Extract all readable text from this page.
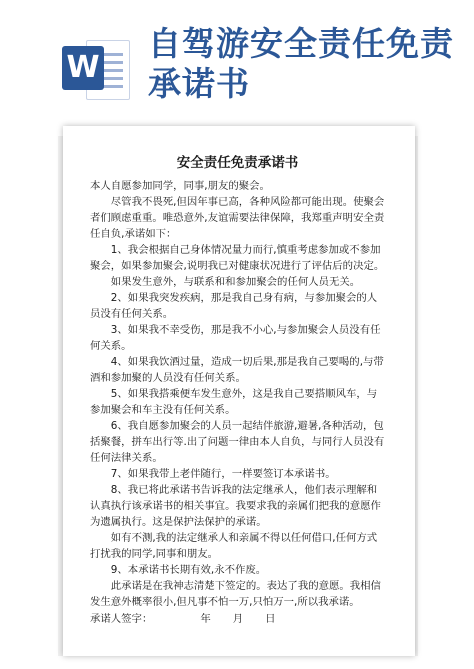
W
自驾游安全责任免责承诺书
安全责任免责承诺书

本人自愿参加同学，同事,朋友的聚会。

尽管我不畏死,但因年事已高，各种风险都可能出现。使聚会者们顾虑重重。唯恐意外,友谊需要法律保障，我郑重声明安全责任自负,承诺如下：

1、我会根据自己身体情况量力而行,慎重考虑参加或不参加聚会，如果参加聚会,说明我已对健康状况进行了评估后的决定。

如果发生意外，与联系和和参加聚会的任何人员无关。

2、如果我突发疾病，那是我自己身有病，与参加聚会的人员没有任何关系。

3、如果我不幸受伤，那是我不小心,与参加聚会人员没有任何关系。

4、如果我饮酒过量，造成一切后果,那是我自己要喝的,与带酒和参加聚的人员没有任何关系。

5、如果我搭乘便车发生意外，这是我自己要搭顺风车，与参加聚会和车主没有任何关系。

6、我自愿参加聚会的人员一起结伴旅游,避暑,各种活动，包括聚餐，拼车出行等.出了问题一律由本人自负，与同行人员没有任何法律关系。

7、如果我带上老伴随行，一样要签订本承诺书。

8、我已将此承诺书告诉我的法定继承人，他们表示理解和认真执行该承诺书的相关事宜。我要求我的亲属们把我的意愿作为遗属执行。这是保护法保护的承诺。

如有不测,我的法定继承人和亲属不得以任何借口,任何方式打扰我的同学,同事和朋友。

9、本承诺书长期有效,永不作废。

此承诺是在我神志清楚下签定的。表达了我的意愿。我相信发生意外概率很小,但凡事不怕一万,只怕万一,所以我承诺。

承诺人签字：	年 月 日
